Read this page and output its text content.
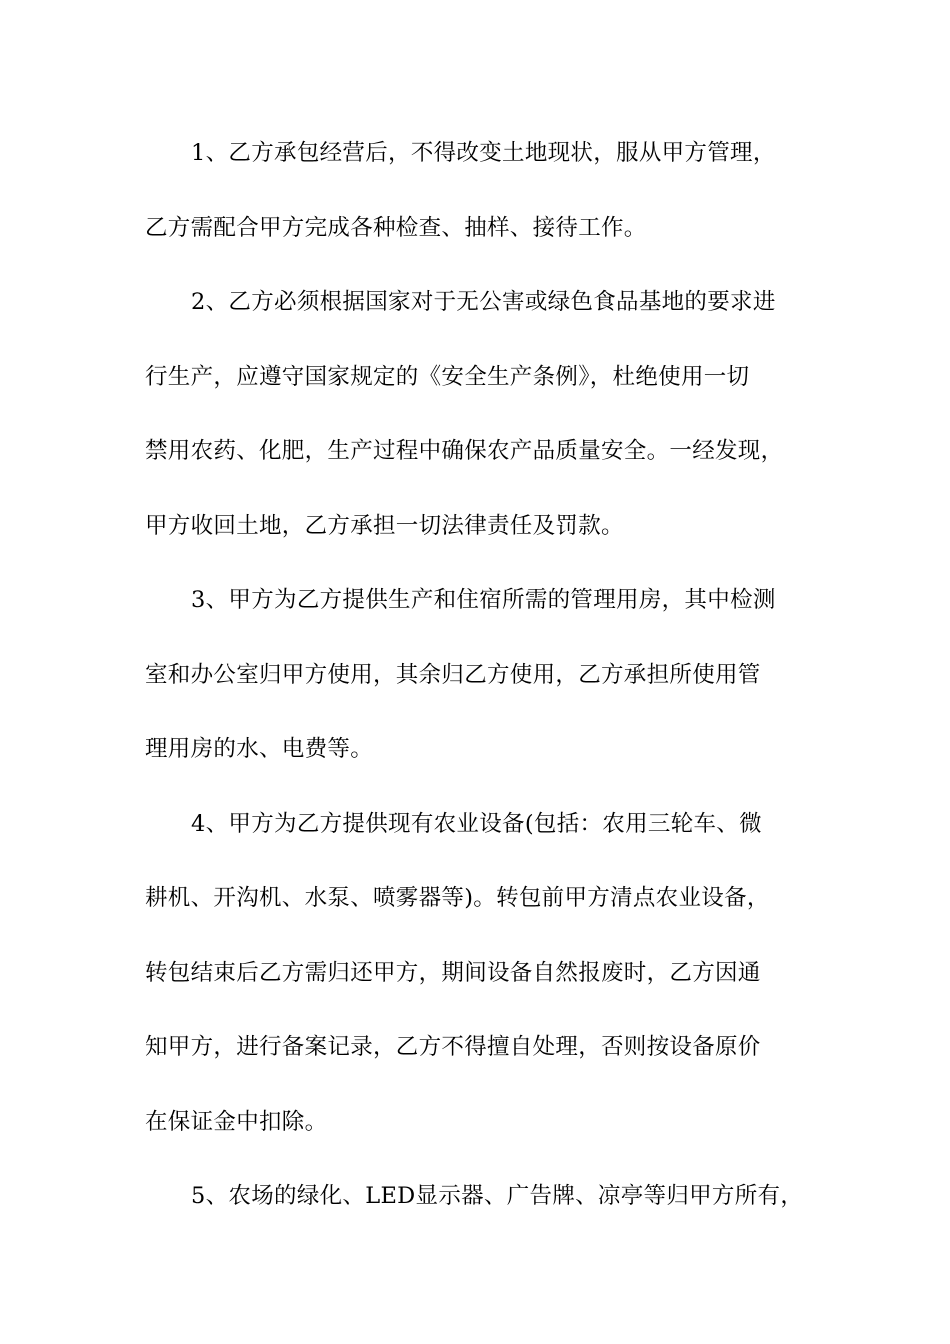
1、乙方承包经营后，不得改变土地现状，服从甲方管理，
乙方需配合甲方完成各种检查、抽样、接待工作。
2、乙方必须根据国家对于无公害或绿色食品基地的要求进
行生产，应遵守国家规定的《安全生产条例》，杜绝使用一切
禁用农药、化肥，生产过程中确保农产品质量安全。一经发现，
甲方收回土地，乙方承担一切法律责任及罚款。
3、甲方为乙方提供生产和住宿所需的管理用房，其中检测
室和办公室归甲方使用，其余归乙方使用，乙方承担所使用管
理用房的水、电费等。
4、甲方为乙方提供现有农业设备(包括：农用三轮车、微
耕机、开沟机、水泵、喷雾器等)。转包前甲方清点农业设备，
转包结束后乙方需归还甲方，期间设备自然报废时，乙方因通
知甲方，进行备案记录，乙方不得擅自处理，否则按设备原价
在保证金中扣除。
5、农场的绿化、LED显示器、广告牌、凉亭等归甲方所有，
